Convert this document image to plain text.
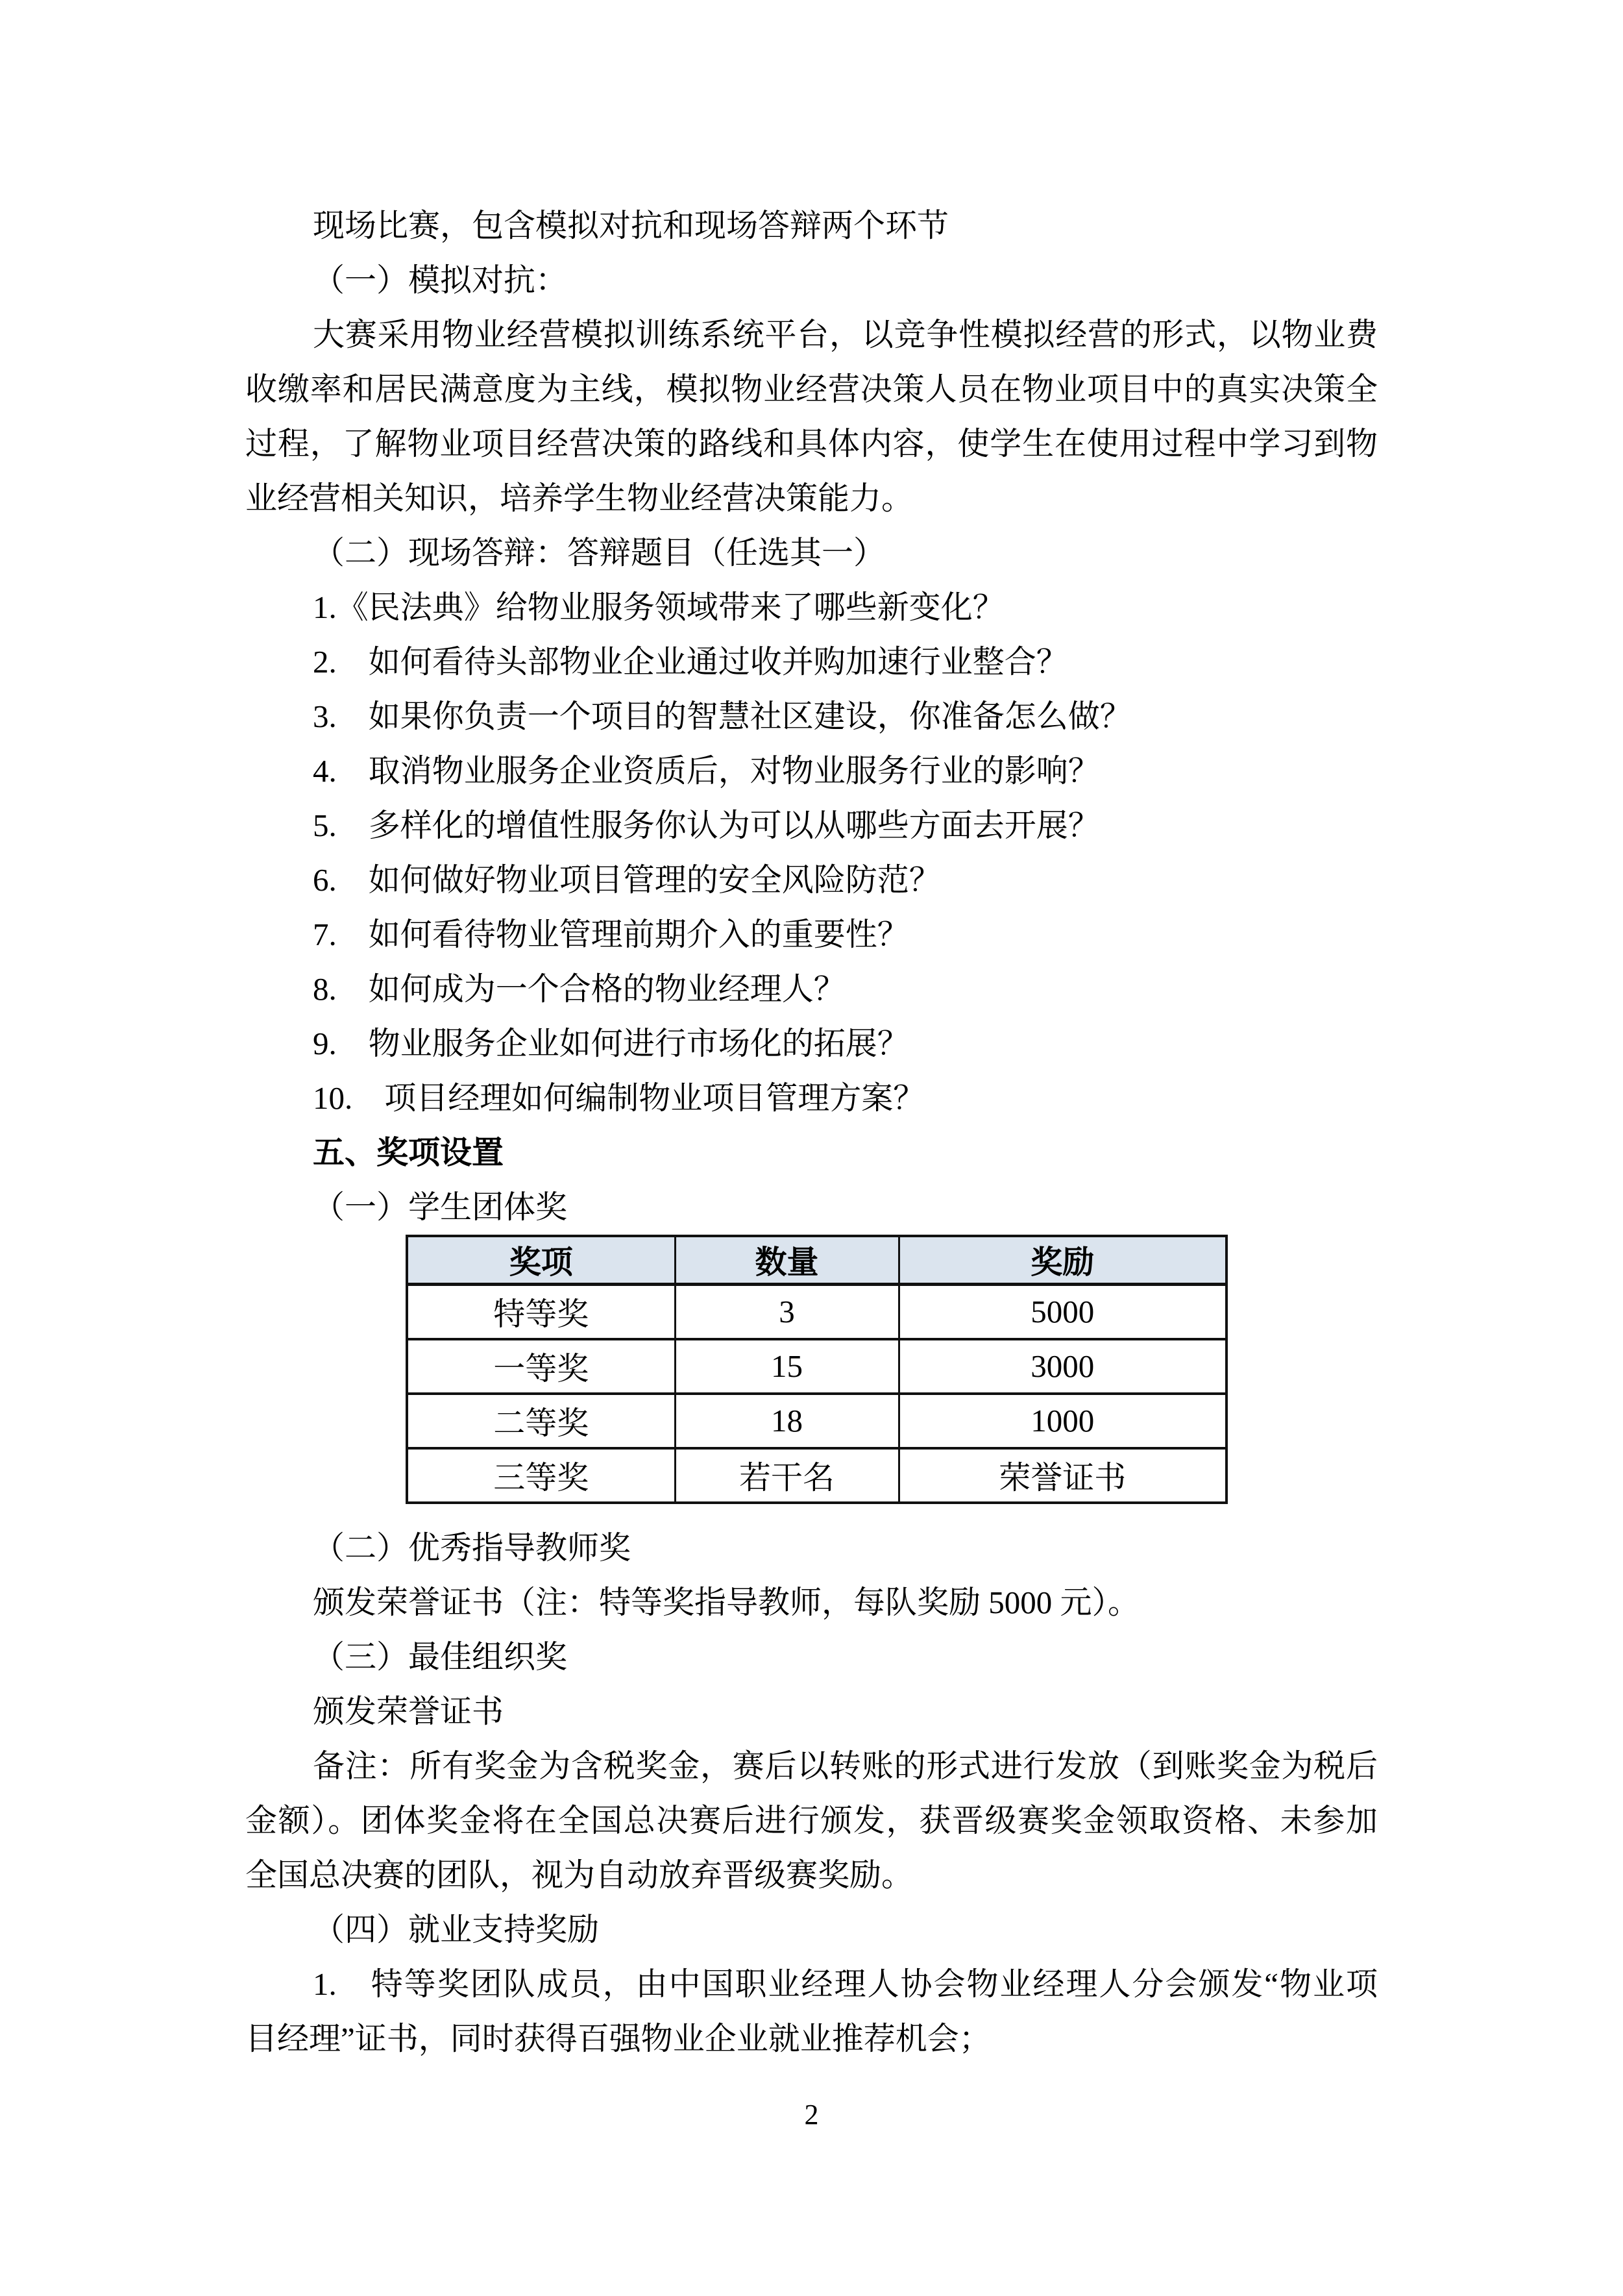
现场比赛，包含模拟对抗和现场答辩两个环节
（一）模拟对抗：
大赛采用物业经营模拟训练系统平台，以竞争性模拟经营的形式，以物业费
收缴率和居民满意度为主线，模拟物业经营决策人员在物业项目中的真实决策全
过程，了解物业项目经营决策的路线和具体内容，使学生在使用过程中学习到物
业经营相关知识，培养学生物业经营决策能力。
（二）现场答辩：答辩题目（任选其一）
1.《民法典》给物业服务领域带来了哪些新变化？
2.　如何看待头部物业企业通过收并购加速行业整合？
3.　如果你负责一个项目的智慧社区建设，你准备怎么做？
4.　取消物业服务企业资质后，对物业服务行业的影响？
5.　多样化的增值性服务你认为可以从哪些方面去开展？
6.　如何做好物业项目管理的安全风险防范？
7.　如何看待物业管理前期介入的重要性？
8.　如何成为一个合格的物业经理人？
9.　物业服务企业如何进行市场化的拓展？
10.　项目经理如何编制物业项目管理方案？
五、奖项设置
（一）学生团体奖
奖项	数量	奖励
特等奖	3	5000
一等奖	15	3000
二等奖	18	1000
三等奖	若干名	荣誉证书
（二）优秀指导教师奖
颁发荣誉证书（注：特等奖指导教师，每队奖励 5000 元）。
（三）最佳组织奖
颁发荣誉证书
备注：所有奖金为含税奖金，赛后以转账的形式进行发放（到账奖金为税后
金额）。团体奖金将在全国总决赛后进行颁发，获晋级赛奖金领取资格、未参加
全国总决赛的团队，视为自动放弃晋级赛奖励。
（四）就业支持奖励
1.　特等奖团队成员，由中国职业经理人协会物业经理人分会颁发“物业项
目经理”证书，同时获得百强物业企业就业推荐机会；
2
